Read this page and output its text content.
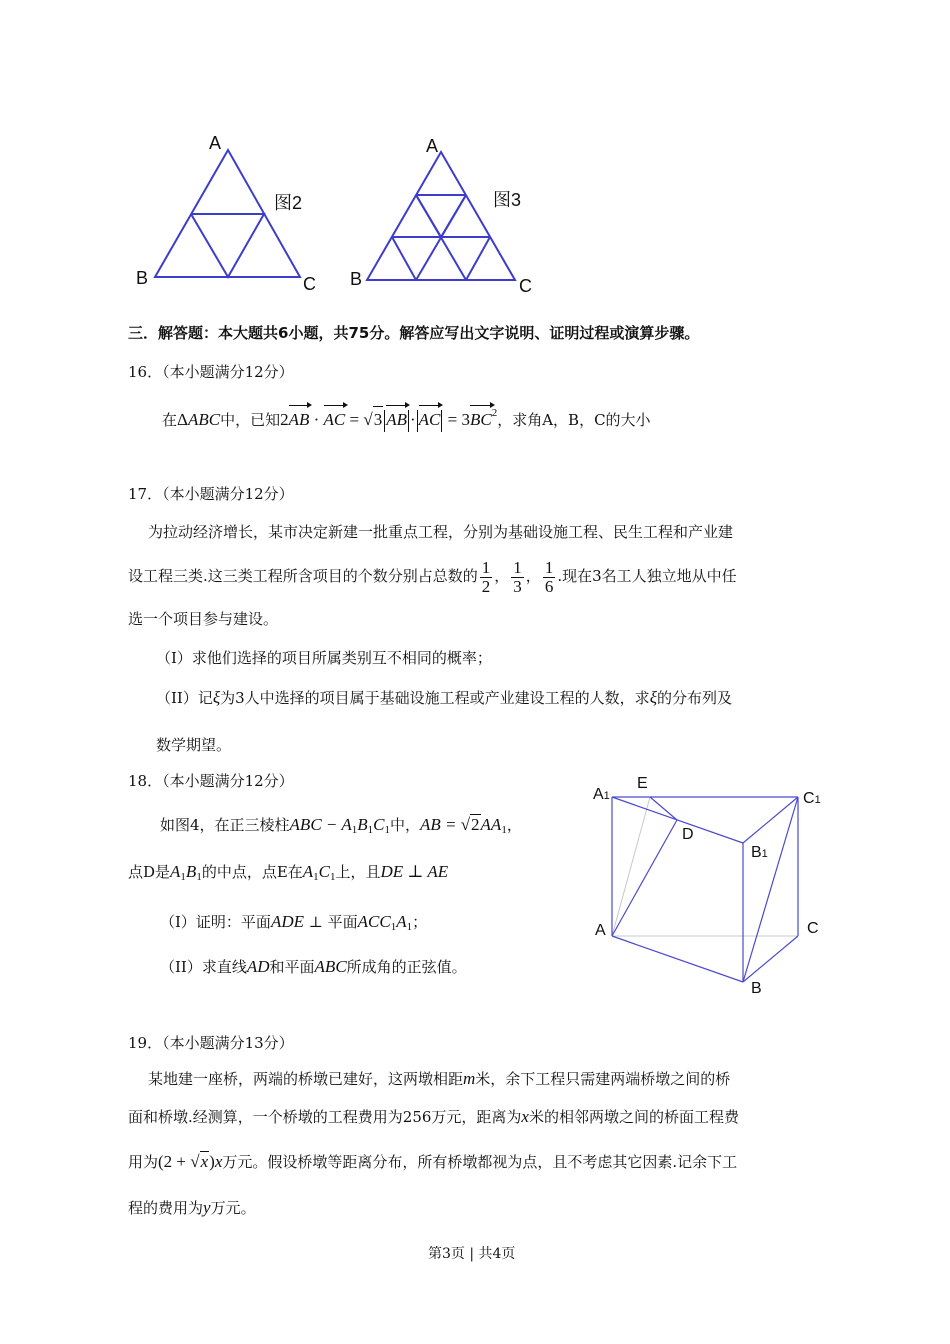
A
图2
B	C
A
图3
B	C
三．解答题：本大题共6小题，共75分。解答应写出文字说明、证明过程或演算步骤。
16．（本小题满分12分）
在ΔABC中，已知2AB · AC = √3 AB · AC = $3BC^2$，求角A，B，C的大小
17．（本小题满分12分）
为拉动经济增长，某市决定新建一批重点工程，分别为基础设施工程、民生工程和产业建
设工程三类.这三类工程所含项目的个数分别占总数的 $\frac{1}{2}$ ， $\frac{1}{3}$ ， $\frac{1}{6}$ .现在3名工人独立地从中任
选一个项目参与建设。
（I）求他们选择的项目所属类别互不相同的概率；
（II）记ξ为3人中选择的项目属于基础设施工程或产业建设工程的人数，求ξ的分布列及
数学期望。
18．（本小题满分12分）
如图4，在正三棱柱ABC − $A_1B_1C_1$中，AB = $√2AA_1$，
点D是$A_1B_1$的中点，点E在$A_1C_1$上，且DE ⊥ AE
（I）证明：平面ADE ⊥ 平面$ACC_1A_1$；
（II）求直线AD和平面ABC所成角的正弦值。
A1
E
C1
D
B1
A	C
B
19．（本小题满分13分）
某地建一座桥，两端的桥墩已建好，这两墩相距m米，余下工程只需建两端桥墩之间的桥
面和桥墩.经测算，一个桥墩的工程费用为256万元，距离为x米的相邻两墩之间的桥面工程费
用为(2 + √x)x万元。假设桥墩等距离分布，所有桥墩都视为点，且不考虑其它因素.记余下工
程的费用为y万元。
第3页 | 共4页
